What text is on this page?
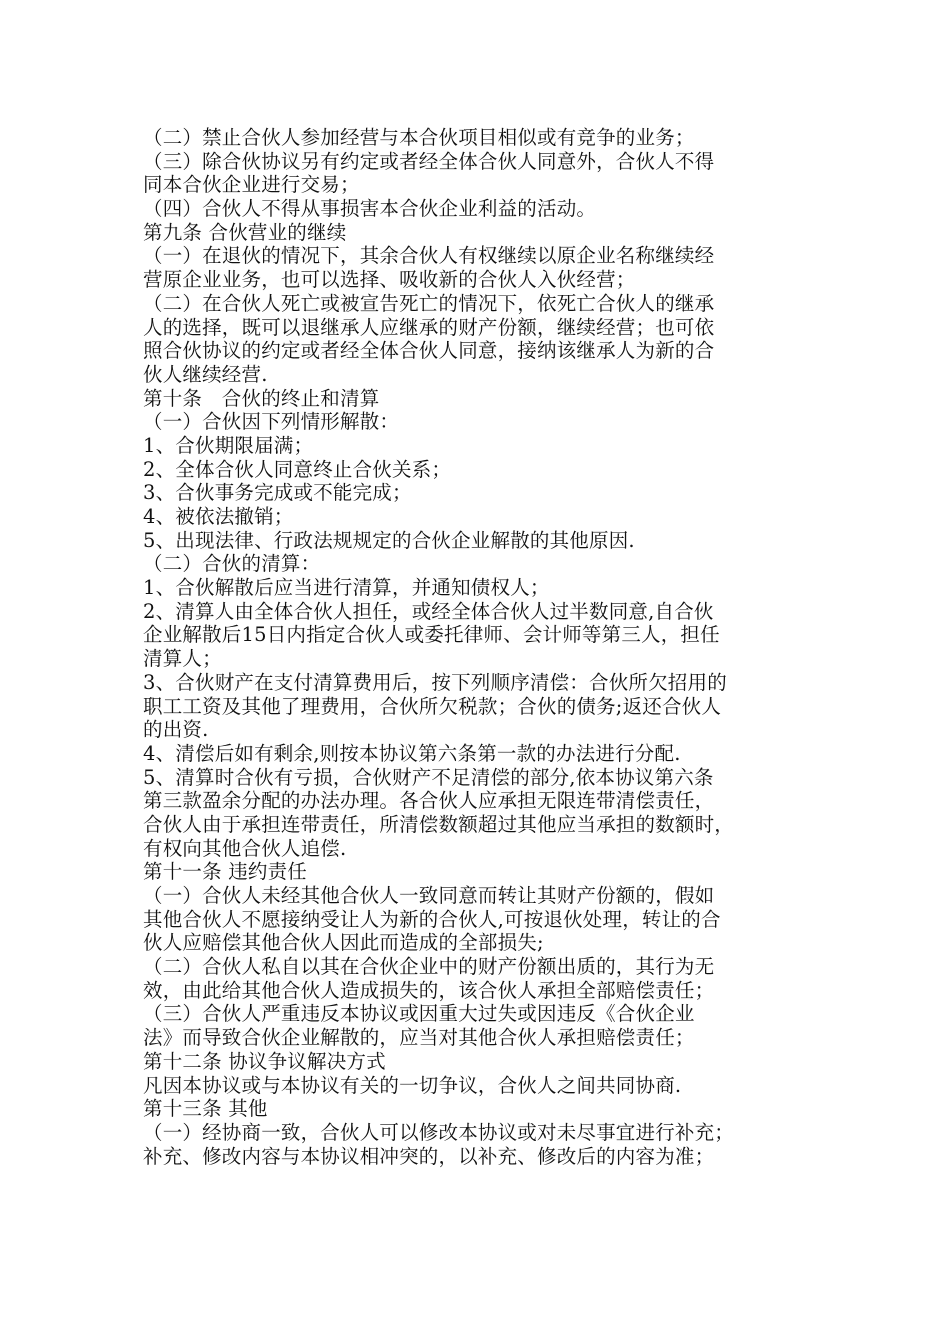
（二）禁止合伙人参加经营与本合伙项目相似或有竞争的业务；
（三）除合伙协议另有约定或者经全体合伙人同意外，合伙人不得
同本合伙企业进行交易；
（四）合伙人不得从事损害本合伙企业利益的活动。
第九条 合伙营业的继续
（一）在退伙的情况下，其余合伙人有权继续以原企业名称继续经
营原企业业务，也可以选择、吸收新的合伙人入伙经营；
（二）在合伙人死亡或被宣告死亡的情况下，依死亡合伙人的继承
人的选择，既可以退继承人应继承的财产份额，继续经营；也可依
照合伙协议的约定或者经全体合伙人同意，接纳该继承人为新的合
伙人继续经营.
第十条　合伙的终止和清算
（一）合伙因下列情形解散：
1、合伙期限届满；
2、全体合伙人同意终止合伙关系；
3、合伙事务完成或不能完成；
4、被依法撤销；
5、出现法律、行政法规规定的合伙企业解散的其他原因.
（二）合伙的清算：
1、合伙解散后应当进行清算，并通知债权人；
2、清算人由全体合伙人担任，或经全体合伙人过半数同意,自合伙
企业解散后15日内指定合伙人或委托律师、会计师等第三人，担任
清算人；
3、合伙财产在支付清算费用后，按下列顺序清偿：合伙所欠招用的
职工工资及其他了理费用，合伙所欠税款；合伙的债务;返还合伙人
的出资.
4、清偿后如有剩余,则按本协议第六条第一款的办法进行分配.
5、清算时合伙有亏损，合伙财产不足清偿的部分,依本协议第六条
第三款盈余分配的办法办理。各合伙人应承担无限连带清偿责任，
合伙人由于承担连带责任，所清偿数额超过其他应当承担的数额时，
有权向其他合伙人追偿.
第十一条 违约责任
（一）合伙人未经其他合伙人一致同意而转让其财产份额的，假如
其他合伙人不愿接纳受让人为新的合伙人,可按退伙处理，转让的合
伙人应赔偿其他合伙人因此而造成的全部损失;
（二）合伙人私自以其在合伙企业中的财产份额出质的，其行为无
效，由此给其他合伙人造成损失的，该合伙人承担全部赔偿责任；
（三）合伙人严重违反本协议或因重大过失或因违反《合伙企业
法》而导致合伙企业解散的，应当对其他合伙人承担赔偿责任；
第十二条 协议争议解决方式
凡因本协议或与本协议有关的一切争议，合伙人之间共同协商.
第十三条 其他
（一）经协商一致，合伙人可以修改本协议或对未尽事宜进行补充；
补充、修改内容与本协议相冲突的，以补充、修改后的内容为准；
